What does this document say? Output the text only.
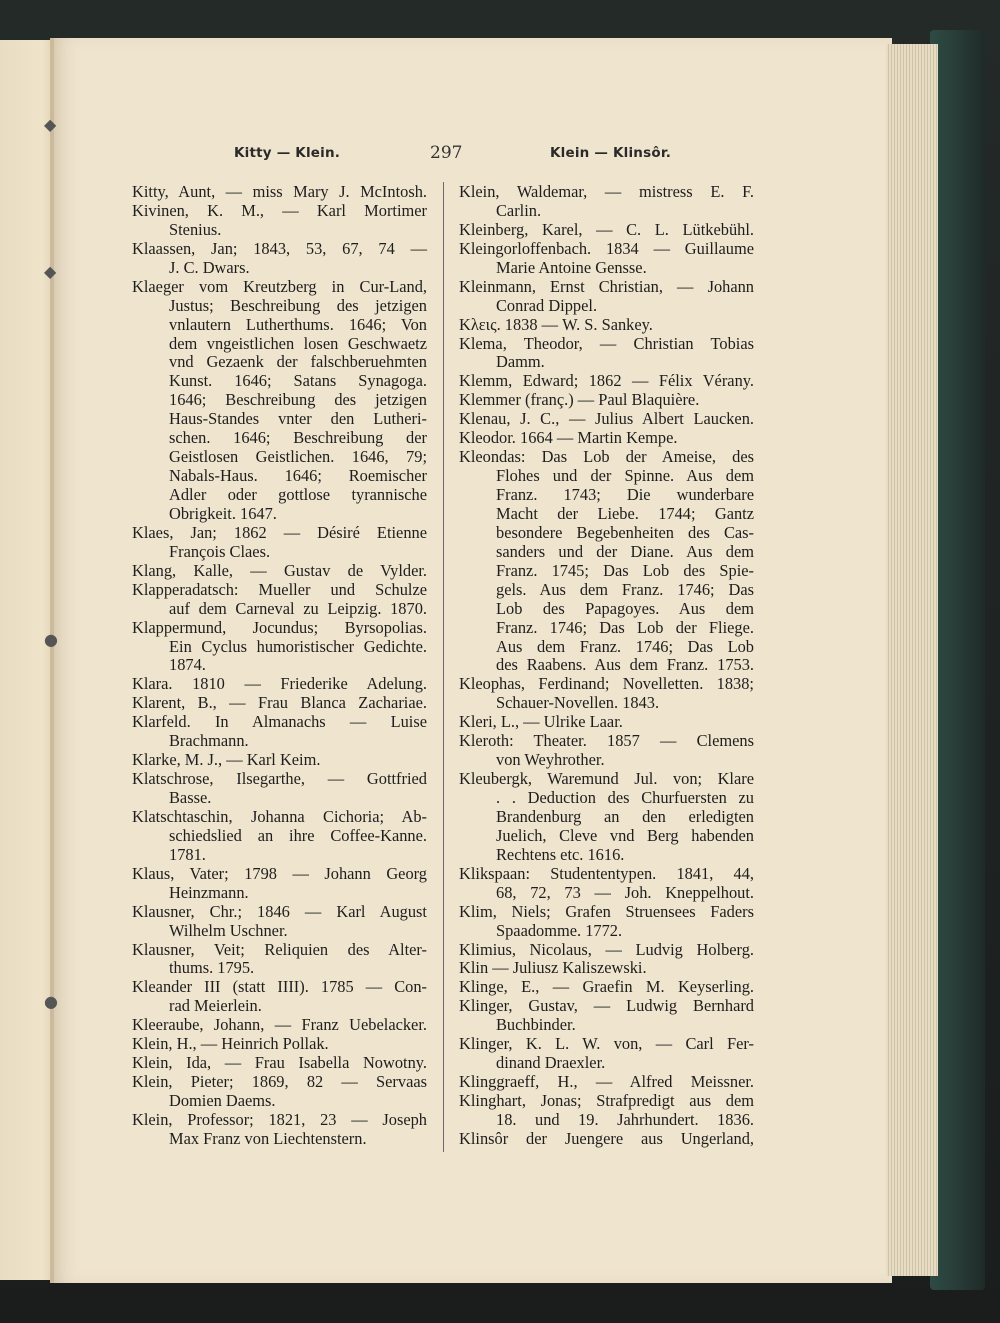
◆
◆
●
●
Kitty — Klein.	297	Klein — Klinsôr.
Kitty, Aunt, — miss Mary J. McIntosh.
Kivinen, K. M., — Karl Mortimer
Stenius.
Klaassen, Jan; 1843, 53, 67, 74 —
J. C. Dwars.
Klaeger vom Kreutzberg in Cur-Land,
Justus; Beschreibung des jetzigen
vnlautern Lutherthums. 1646; Von
dem vngeistlichen losen Geschwaetz
vnd Gezaenk der falschberuehmten
Kunst. 1646; Satans Synagoga.
1646; Beschreibung des jetzigen
Haus-Standes vnter den Lutheri-
schen. 1646; Beschreibung der
Geistlosen Geistlichen. 1646, 79;
Nabals-Haus. 1646; Roemischer
Adler oder gottlose tyrannische
Obrigkeit. 1647.
Klaes, Jan; 1862 — Désiré Etienne
François Claes.
Klang, Kalle, — Gustav de Vylder.
Klapperadatsch: Mueller und Schulze
auf dem Carneval zu Leipzig. 1870.
Klappermund, Jocundus; Byrsopolias.
Ein Cyclus humoristischer Gedichte.
1874.
Klara. 1810 — Friederike Adelung.
Klarent, B., — Frau Blanca Zachariae.
Klarfeld. In Almanachs — Luise
Brachmann.
Klarke, M. J., — Karl Keim.
Klatschrose, Ilsegarthe, — Gottfried
Basse.
Klatschtaschin, Johanna Cichoria; Ab-
schiedslied an ihre Coffee-Kanne.
1781.
Klaus, Vater; 1798 — Johann Georg
Heinzmann.
Klausner, Chr.; 1846 — Karl August
Wilhelm Uschner.
Klausner, Veit; Reliquien des Alter-
thums. 1795.
Kleander III (statt IIII). 1785 — Con-
rad Meierlein.
Kleeraube, Johann, — Franz Uebelacker.
Klein, H., — Heinrich Pollak.
Klein, Ida, — Frau Isabella Nowotny.
Klein, Pieter; 1869, 82 — Servaas
Domien Daems.
Klein, Professor; 1821, 23 — Joseph
Max Franz von Liechtenstern.
Klein, Waldemar, — mistress E. F.
Carlin.
Kleinberg, Karel, — C. L. Lütkebühl.
Kleingorloffenbach. 1834 — Guillaume
Marie Antoine Gensse.
Kleinmann, Ernst Christian, — Johann
Conrad Dippel.
Κλεις. 1838 — W. S. Sankey.
Klema, Theodor, — Christian Tobias
Damm.
Klemm, Edward; 1862 — Félix Vérany.
Klemmer (franç.) — Paul Blaquière.
Klenau, J. C., — Julius Albert Laucken.
Kleodor. 1664 — Martin Kempe.
Kleondas: Das Lob der Ameise, des
Flohes und der Spinne. Aus dem
Franz. 1743; Die wunderbare
Macht der Liebe. 1744; Gantz
besondere Begebenheiten des Cas-
sanders und der Diane. Aus dem
Franz. 1745; Das Lob des Spie-
gels. Aus dem Franz. 1746; Das
Lob des Papagoyes. Aus dem
Franz. 1746; Das Lob der Fliege.
Aus dem Franz. 1746; Das Lob
des Raabens. Aus dem Franz. 1753.
Kleophas, Ferdinand; Novelletten. 1838;
Schauer-Novellen. 1843.
Kleri, L., — Ulrike Laar.
Kleroth: Theater. 1857 — Clemens
von Weyhrother.
Kleubergk, Waremund Jul. von; Klare
. . Deduction des Churfuersten zu
Brandenburg an den erledigten
Juelich, Cleve vnd Berg habenden
Rechtens etc. 1616.
Klikspaan: Studententypen. 1841, 44,
68, 72, 73 — Joh. Kneppelhout.
Klim, Niels; Grafen Struensees Faders
Spaadomme. 1772.
Klimius, Nicolaus, — Ludvig Holberg.
Klin — Juliusz Kaliszewski.
Klinge, E., — Graefin M. Keyserling.
Klinger, Gustav, — Ludwig Bernhard
Buchbinder.
Klinger, K. L. W. von, — Carl Fer-
dinand Draexler.
Klinggraeff, H., — Alfred Meissner.
Klinghart, Jonas; Strafpredigt aus dem
18. und 19. Jahrhundert. 1836.
Klinsôr der Juengere aus Ungerland,
